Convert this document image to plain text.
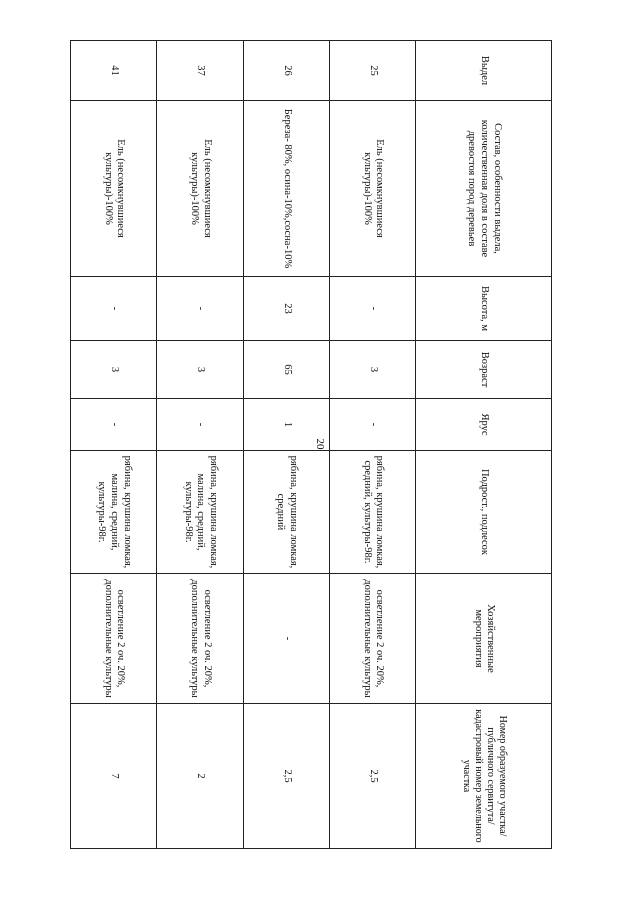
20
Выдел	Состав, особенности выдела, количественная доля в составе древостоя пород деревьев	Высота, м	Возраст	Ярус	Подрост., подлесок	Хозяйственные мероприятия	Номер образуемого участка/ публичного сервитута/кадастровый номер земельного участка
25	Ель (несомкнувшиеся культуры)-100%	-	3	-	рябина, крушина ломкая, средний, культуры-98г.	осветление 2 оч. 20%, дополнительные культуры	2,5
26	Береза- 80%, осина-10%,сосна-10%	23	65	1	рябина, крушина ломкая, средний	-	2,5
37	Ель (несомкнувшиеся культуры)-100%	-	3	-	рябина, крушина ломкая, малина, средний, культуры-98г.	осветление 2 оч. 20%, дополнительные культуры	2
41	Ель (несомкнувшиеся культуры)-100%	-	3	-	рябина, крушина ломкая, малина, средний, культуры-98г.	осветление 2 оч. 20%, дополнительные культуры	7
